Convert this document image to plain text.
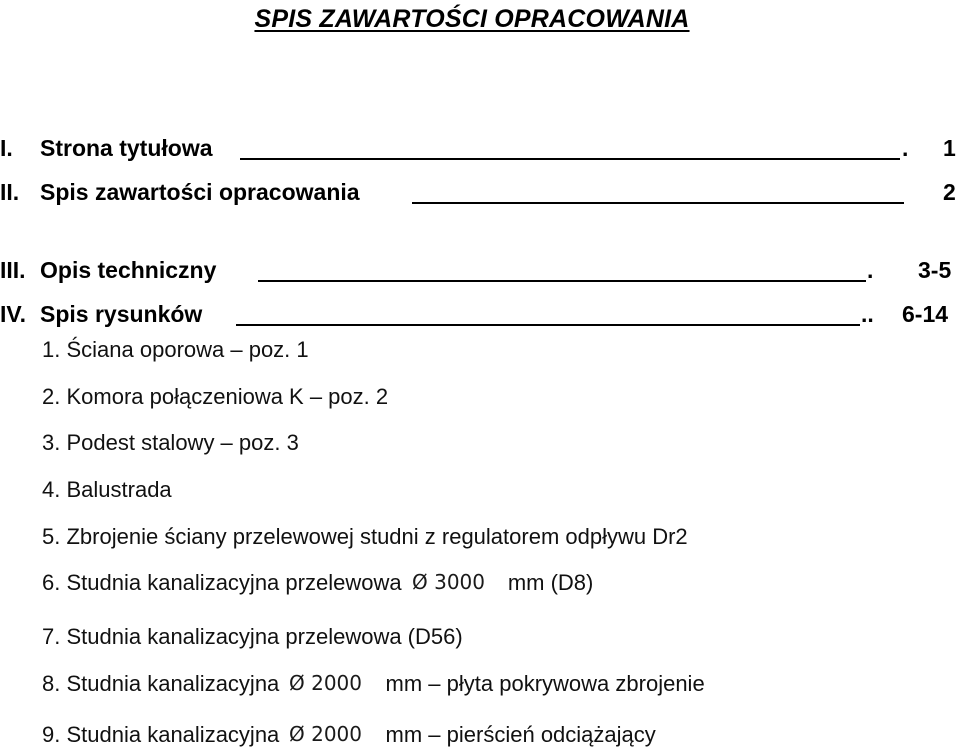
SPIS ZAWARTOŚCI OPRACOWANIA
I. Strona tytułowa	. 1
II. Spis zawartości opracowania	2
III. Opis techniczny	. 3-5
IV. Spis rysunków	.. 6-14
1. Ściana oporowa – poz. 1
2. Komora połączeniowa K – poz. 2
3. Podest stalowy – poz. 3
4. Balustrada
5. Zbrojenie ściany przelewowej studni z regulatorem odpływu Dr2
6. Studnia kanalizacyjna przelewowa Ø 3000 mm (D8)
7. Studnia kanalizacyjna przelewowa (D56)
8. Studnia kanalizacyjna Ø 2000 mm – płyta pokrywowa zbrojenie
9. Studnia kanalizacyjna Ø 2000 mm – pierścień odciążający
